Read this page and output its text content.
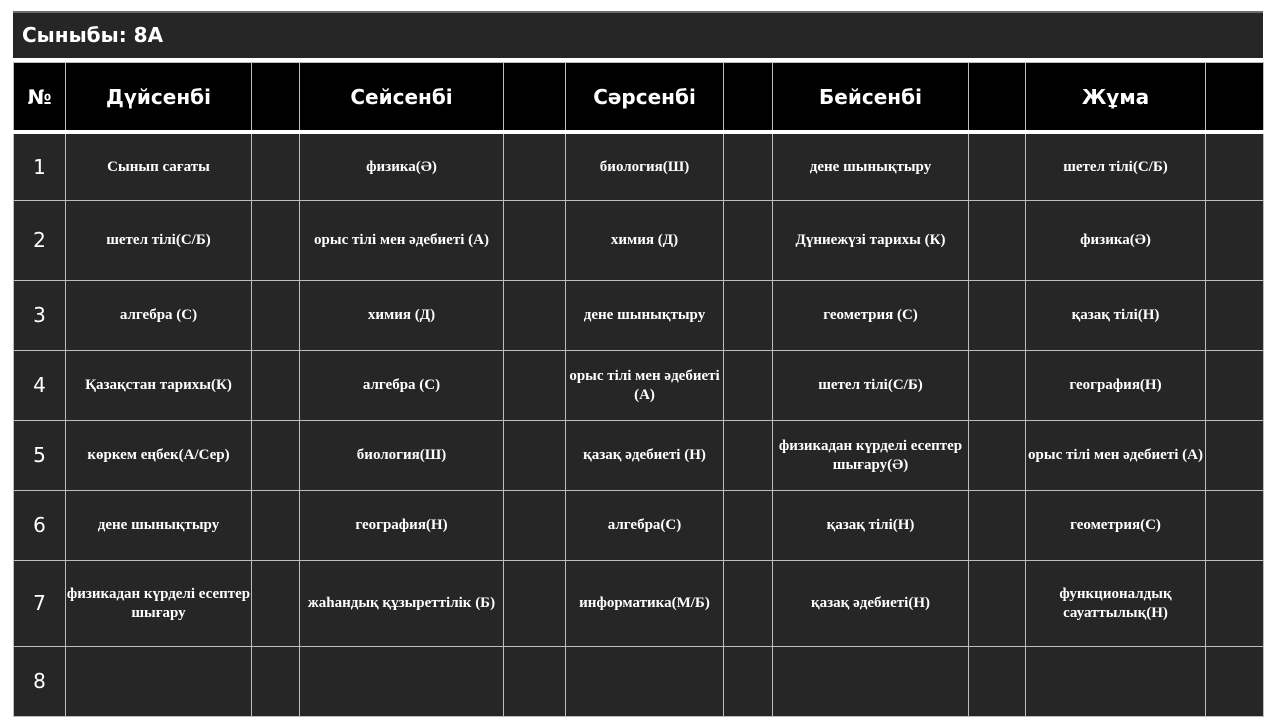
Сыныбы: 8А
№	Дүйсенбі		Сейсенбі		Сәрсенбі		Бейсенбі		Жұма	
1	Сынып сағаты		физика(Ә)		биология(Ш)		дене шынықтыру		шетел тілі(С/Б)	
2	шетел тілі(С/Б)		орыс тілі мен әдебиеті (А)		химия (Д)		Дүниежүзі тарихы (К)		физика(Ә)	
3	алгебра (С)		химия (Д)		дене шынықтыру		геометрия (С)		қазақ тілі(Н)	
4	Қазақстан тарихы(К)		алгебра (С)		орыс тілі мен әдебиеті (А)		шетел тілі(С/Б)		география(Н)	
5	көркем еңбек(А/Сер)		биология(Ш)		қазақ әдебиеті (Н)		физикадан күрделі есептер шығару(Ә)		орыс тілі мен әдебиеті (А)	
6	дене шынықтыру		география(Н)		алгебра(С)		қазақ тілі(Н)		геометрия(С)	
7	физикадан күрделі есептер шығару		жаһандық құзыреттілік (Б)		информатика(М/Б)		қазақ әдебиеті(Н)		функционалдық сауаттылық(Н)	
8										
